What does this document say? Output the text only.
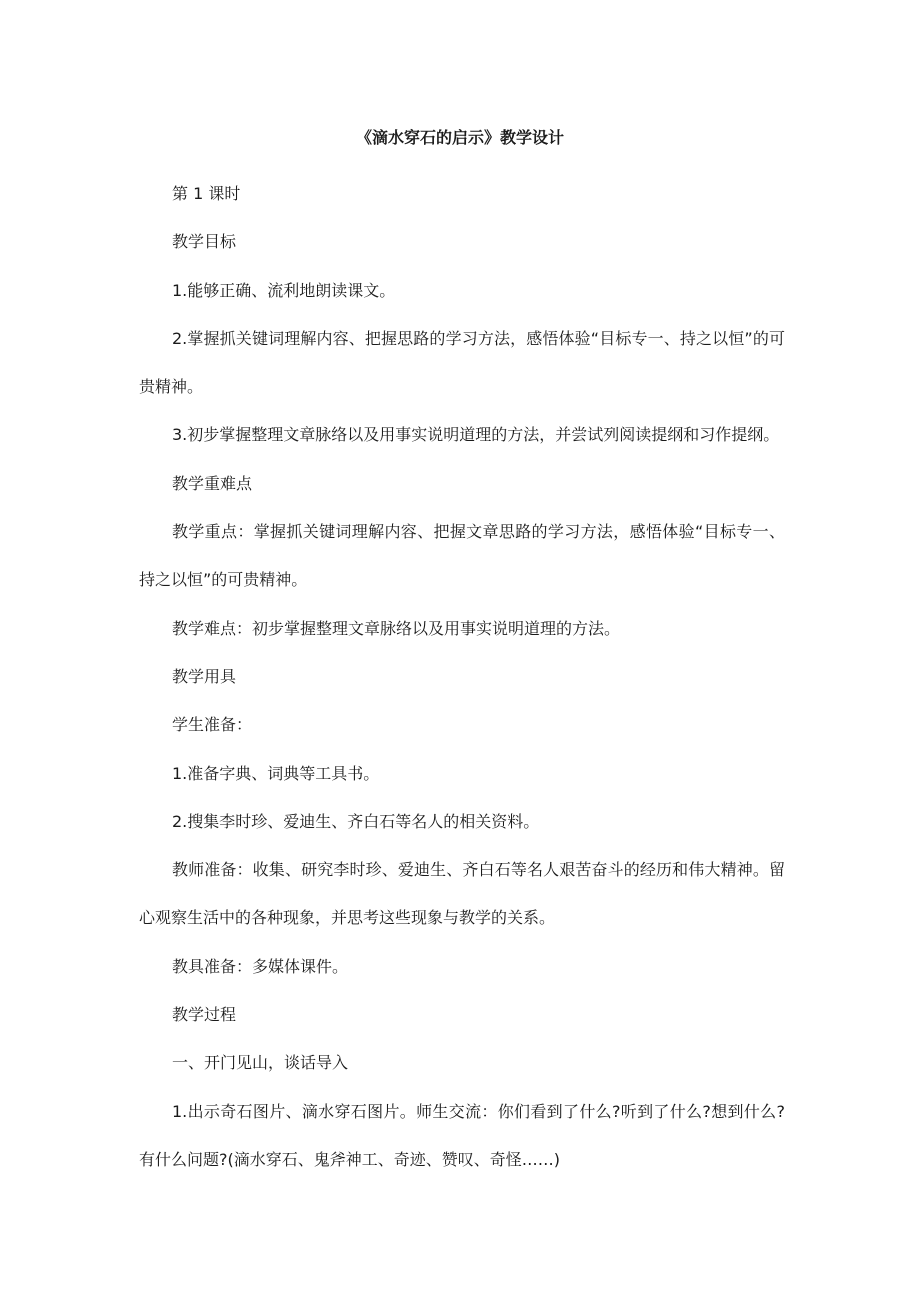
《滴水穿石的启示》教学设计

第 1 课时

教学目标

1.能够正确、流利地朗读课文。

2.掌握抓关键词理解内容、把握思路的学习方法，感悟体验“目标专一、持之以恒”的可贵精神。

3.初步掌握整理文章脉络以及用事实说明道理的方法，并尝试列阅读提纲和习作提纲。

教学重难点

教学重点：掌握抓关键词理解内容、把握文章思路的学习方法，感悟体验“目标专一、持之以恒”的可贵精神。

教学难点：初步掌握整理文章脉络以及用事实说明道理的方法。

教学用具

学生准备：

1.准备字典、词典等工具书。

2.搜集李时珍、爱迪生、齐白石等名人的相关资料。

教师准备：收集、研究李时珍、爱迪生、齐白石等名人艰苦奋斗的经历和伟大精神。留心观察生活中的各种现象，并思考这些现象与教学的关系。

教具准备：多媒体课件。

教学过程

一、开门见山，谈话导入

1.出示奇石图片、滴水穿石图片。师生交流：你们看到了什么?听到了什么?想到什么?有什么问题?(滴水穿石、鬼斧神工、奇迹、赞叹、奇怪……)
